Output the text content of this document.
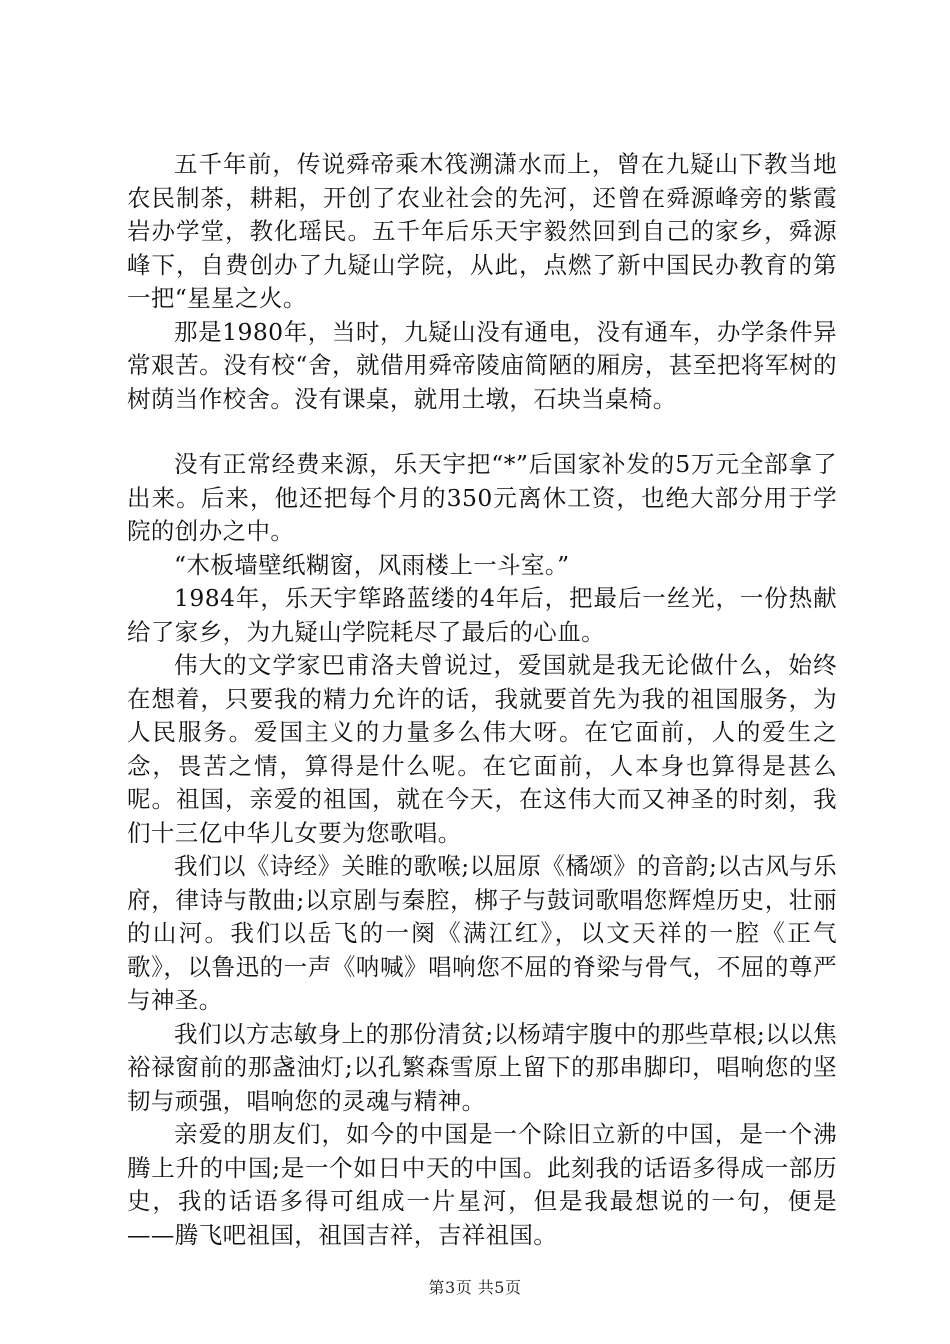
五千年前，传说舜帝乘木筏溯潇水而上，曾在九疑山下教当地农民制茶，耕耜，开创了农业社会的先河，还曾在舜源峰旁的紫霞岩办学堂，教化瑶民。五千年后乐天宇毅然回到自己的家乡，舜源峰下，自费创办了九疑山学院，从此，点燃了新中国民办教育的第一把“星星之火。

那是1980年，当时，九疑山没有通电，没有通车，办学条件异常艰苦。没有校“舍，就借用舜帝陵庙简陋的厢房，甚至把将军树的树荫当作校舍。没有课桌，就用土墩，石块当桌椅。

没有正常经费来源，乐天宇把“*”后国家补发的5万元全部拿了出来。后来，他还把每个月的350元离休工资，也绝大部分用于学院的创办之中。

“木板墙壁纸糊窗，风雨楼上一斗室。”

1984年，乐天宇筚路蓝缕的4年后，把最后一丝光，一份热献给了家乡，为九疑山学院耗尽了最后的心血。

伟大的文学家巴甫洛夫曾说过，爱国就是我无论做什么，始终在想着，只要我的精力允许的话，我就要首先为我的祖国服务，为人民服务。爱国主义的力量多么伟大呀。在它面前，人的爱生之念，畏苦之情，算得是什么呢。在它面前，人本身也算得是甚么呢。祖国，亲爱的祖国，就在今天，在这伟大而又神圣的时刻，我们十三亿中华儿女要为您歌唱。

我们以《诗经》关睢的歌喉;以屈原《橘颂》的音韵;以古风与乐府，律诗与散曲;以京剧与秦腔，梆子与鼓词歌唱您辉煌历史，壮丽的山河。我们以岳飞的一阕《满江红》，以文天祥的一腔《正气歌》，以鲁迅的一声《呐喊》唱响您不屈的脊梁与骨气，不屈的尊严与神圣。

我们以方志敏身上的那份清贫;以杨靖宇腹中的那些草根;以以焦裕禄窗前的那盏油灯;以孔繁森雪原上留下的那串脚印，唱响您的坚韧与顽强，唱响您的灵魂与精神。

亲爱的朋友们，如今的中国是一个除旧立新的中国，是一个沸腾上升的中国;是一个如日中天的中国。此刻我的话语多得成一部历史，我的话语多得可组成一片星河，但是我最想说的一句，便是——腾飞吧祖国，祖国吉祥，吉祥祖国。

第3页 共5页
